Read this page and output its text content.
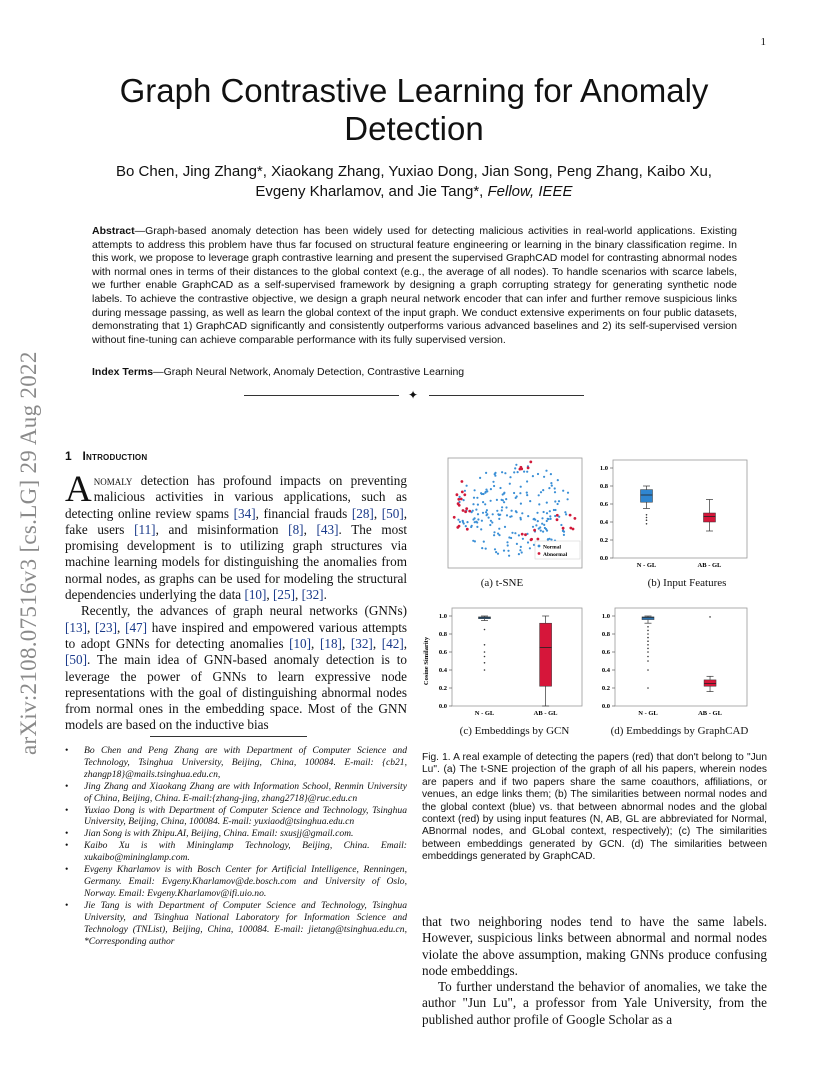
1
arXiv:2108.07516v3 [cs.LG] 29 Aug 2022
Graph Contrastive Learning for Anomaly Detection
Bo Chen, Jing Zhang*, Xiaokang Zhang, Yuxiao Dong, Jian Song, Peng Zhang, Kaibo Xu,
Evgeny Kharlamov, and Jie Tang*, Fellow, IEEE
Abstract—Graph-based anomaly detection has been widely used for detecting malicious activities in real-world applications. Existing attempts to address this problem have thus far focused on structural feature engineering or learning in the binary classification regime. In this work, we propose to leverage graph contrastive learning and present the supervised GraphCAD model for contrasting abnormal nodes with normal ones in terms of their distances to the global context (e.g., the average of all nodes). To handle scenarios with scarce labels, we further enable GraphCAD as a self-supervised framework by designing a graph corrupting strategy for generating synthetic node labels. To achieve the contrastive objective, we design a graph neural network encoder that can infer and further remove suspicious links during message passing, as well as learn the global context of the input graph. We conduct extensive experiments on four public datasets, demonstrating that 1) GraphCAD significantly and consistently outperforms various advanced baselines and 2) its self-supervised version without fine-tuning can achieve comparable performance with its fully supervised version.
Index Terms—Graph Neural Network, Anomaly Detection, Contrastive Learning
✦
1 Introduction

Anomaly detection has profound impacts on preventing malicious activities in various applications, such as detecting online review spams [34], financial frauds [28], [50], fake users [11], and misinformation [8], [43]. The most promising development is to utilizing graph structures via machine learning models for distinguishing the anomalies from normal nodes, as graphs can be used for modeling the structural dependencies underlying the data [10], [25], [32].

Recently, the advances of graph neural networks (GNNs) [13], [23], [47] have inspired and empowered various attempts to adopt GNNs for detecting anomalies [10], [18], [32], [42], [50]. The main idea of GNN-based anomaly detection is to leverage the power of GNNs to learn expressive node representations with the goal of distinguishing abnormal nodes from normal ones in the embedding space. Most of the GNN models are based on the inductive bias

• Bo Chen and Peng Zhang are with Department of Computer Science and Technology, Tsinghua University, Beijing, China, 100084. E-mail: {cb21, zhangp18}@mails.tsinghua.edu.cn,
• Jing Zhang and Xiaokang Zhang are with Information School, Renmin University of China, Beijing, China. E-mail:{zhang-jing, zhang2718}@ruc.edu.cn
• Yuxiao Dong is with Department of Computer Science and Technology, Tsinghua University, Beijing, China, 100084. E-mail: yuxiaod@tsinghua.edu.cn
• Jian Song is with Zhipu.AI, Beijing, China. Email: sxusjj@gmail.com.
• Kaibo Xu is with Mininglamp Technology, Beijing, China. Email: xukaibo@mininglamp.com.
• Evgeny Kharlamov is with Bosch Center for Artificial Intelligence, Renningen, Germany. Email: Evgeny.Kharlamov@de.bosch.com and University of Oslo, Norway. Email: Evgeny.Kharlamov@ifi.uio.no.
• Jie Tang is with Department of Computer Science and Technology, Tsinghua University, and Tsinghua National Laboratory for Information Science and Technology (TNList), Beijing, China, 100084. E-mail: jietang@tsinghua.edu.cn, *Corresponding author
Normal
Abnormal	0.0
0.2
0.4
0.6
0.8
1.0
N - GL	AB - GL
0.0
0.2
0.4
0.6
0.8
1.0
Cosine Similarity
N - GL	AB - GL
0.0
0.2
0.4
0.6
0.8
1.0
N - GL	AB - GL
(a) t-SNE	(b) Input Features
(c) Embeddings by GCN	(d) Embeddings by GraphCAD
Fig. 1. A real example of detecting the papers (red) that don't belong to "Jun Lu". (a) The t-SNE projection of the graph of all his papers, wherein nodes are papers and if two papers share the same coauthors, affiliations, or venues, an edge links them; (b) The similarities between normal nodes and the global context (blue) vs. that between abnormal nodes and the global context (red) by using input features (N, AB, GL are abbreviated for Normal, ABnormal nodes, and GLobal context, respectively); (c) The similarities between embeddings generated by GCN. (d) The similarities between embeddings generated by GraphCAD.

that two neighboring nodes tend to have the same labels. However, suspicious links between abnormal and normal nodes violate the above assumption, making GNNs produce confusing node embeddings.

To further understand the behavior of anomalies, we take the author "Jun Lu", a professor from Yale University, from the published author profile of Google Scholar as a
